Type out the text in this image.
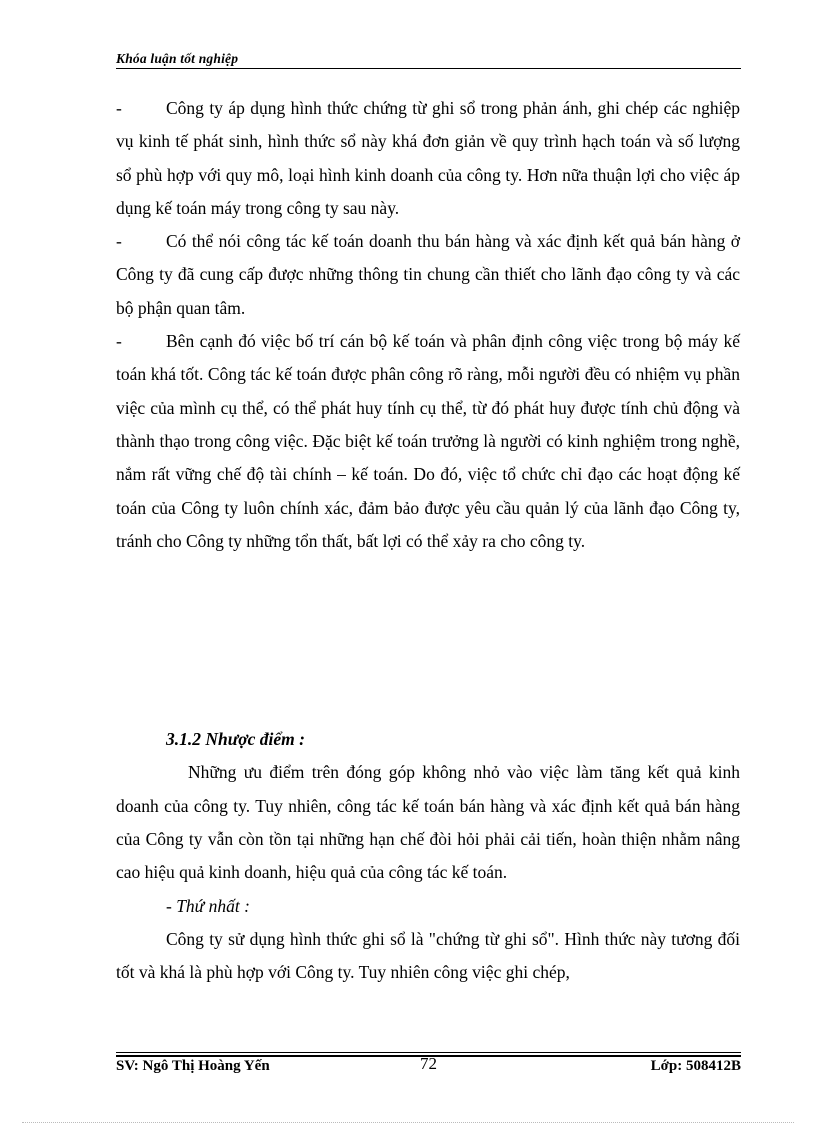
Khóa luận tốt nghiệp

-	Công ty áp dụng hình thức chứng từ ghi sổ trong phản ánh, ghi chép các nghiệp vụ kinh tế phát sinh, hình thức sổ này khá đơn giản về quy trình hạch toán và số lượng sổ phù hợp với quy mô, loại hình kinh doanh của công ty. Hơn nữa thuận lợi cho việc áp dụng kế toán máy trong công ty sau này.

-	Có thể nói công tác kế toán doanh thu bán hàng và xác định kết quả bán hàng ở Công ty đã cung cấp được những thông tin chung cần thiết cho lãnh đạo công ty và các bộ phận quan tâm.

-	Bên cạnh đó việc bố trí cán bộ kế toán và phân định công việc trong bộ máy kế toán khá tốt. Công tác kế toán được phân công rõ ràng, mỗi người đều có nhiệm vụ phần việc của mình cụ thể, có thể phát huy tính cụ thể, từ đó phát huy được tính chủ động và thành thạo trong công việc. Đặc biệt kế toán trưởng là người có kinh nghiệm trong nghề, nắm rất vững chế độ tài chính – kế toán. Do đó, việc tổ chức chỉ đạo các hoạt động kế toán của Công ty luôn chính xác, đảm bảo được yêu cầu quản lý của lãnh đạo Công ty, tránh cho Công ty những tổn thất, bất lợi có thể xảy ra cho công ty.

3.1.2 Nhược điểm :

Những ưu điểm trên đóng góp không nhỏ vào việc làm tăng kết quả kinh doanh của công ty. Tuy nhiên, công tác kế toán bán hàng và xác định kết quả bán hàng của Công ty vẫn còn tồn tại những hạn chế đòi hỏi phải cải tiến, hoàn thiện nhằm nâng cao hiệu quả kinh doanh, hiệu quả của công tác kế toán.

- Thứ nhất :

Công ty sử dụng hình thức ghi sổ là "chứng từ ghi sổ". Hình thức này tương đối tốt và khá là phù hợp với Công ty. Tuy nhiên công việc ghi chép,

72
SV: Ngô Thị Hoàng Yến	Lớp: 508412B
